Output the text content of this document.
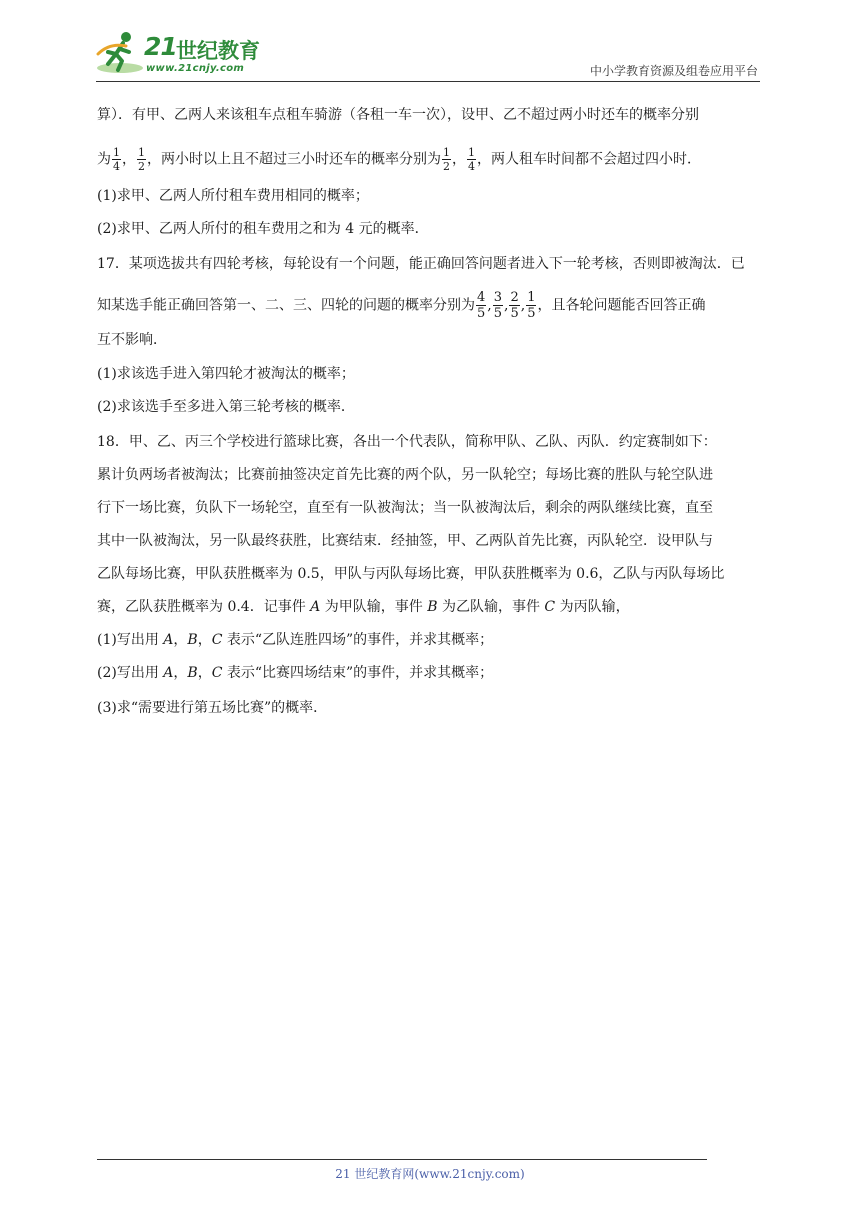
21 世纪教育
www.21cnjy.com	中小学教育资源及组卷应用平台
算）．有甲、乙两人来该租车点租车骑游（各租一车一次），设甲、乙不超过两小时还车的概率分别
为 $\frac{1}{4}$ ， $\frac{1}{2}$ ，两小时以上且不超过三小时还车的概率分别为 $\frac{1}{2}$ ， $\frac{1}{4}$ ，两人租车时间都不会超过四小时．
(1)求甲、乙两人所付租车费用相同的概率；
(2)求甲、乙两人所付的租车费用之和为 4 元的概率．
17．某项选拔共有四轮考核，每轮设有一个问题，能正确回答问题者进入下一轮考核，否则即被淘汰．已
知某选手能正确回答第一、二、三、四轮的问题的概率分别为 $\frac{4}{5}$ , $\frac{3}{5}$ , $\frac{2}{5}$ , $\frac{1}{5}$ ，且各轮问题能否回答正确
互不影响．
(1)求该选手进入第四轮才被淘汰的概率；
(2)求该选手至多进入第三轮考核的概率．
18．甲、乙、丙三个学校进行篮球比赛，各出一个代表队，简称甲队、乙队、丙队．约定赛制如下：
累计负两场者被淘汰；比赛前抽签决定首先比赛的两个队，另一队轮空；每场比赛的胜队与轮空队进
行下一场比赛，负队下一场轮空，直至有一队被淘汰；当一队被淘汰后，剩余的两队继续比赛，直至
其中一队被淘汰，另一队最终获胜，比赛结束．经抽签，甲、乙两队首先比赛，丙队轮空．设甲队与
乙队每场比赛，甲队获胜概率为 0.5，甲队与丙队每场比赛，甲队获胜概率为 0.6，乙队与丙队每场比
赛，乙队获胜概率为 0.4．记事件 A 为甲队输，事件 B 为乙队输，事件 C 为丙队输，
(1)写出用 A，B，C 表示“乙队连胜四场”的事件，并求其概率；
(2)写出用 A，B，C 表示“比赛四场结束”的事件，并求其概率；
(3)求“需要进行第五场比赛”的概率．
21 世纪教育网(www.21cnjy.com)
